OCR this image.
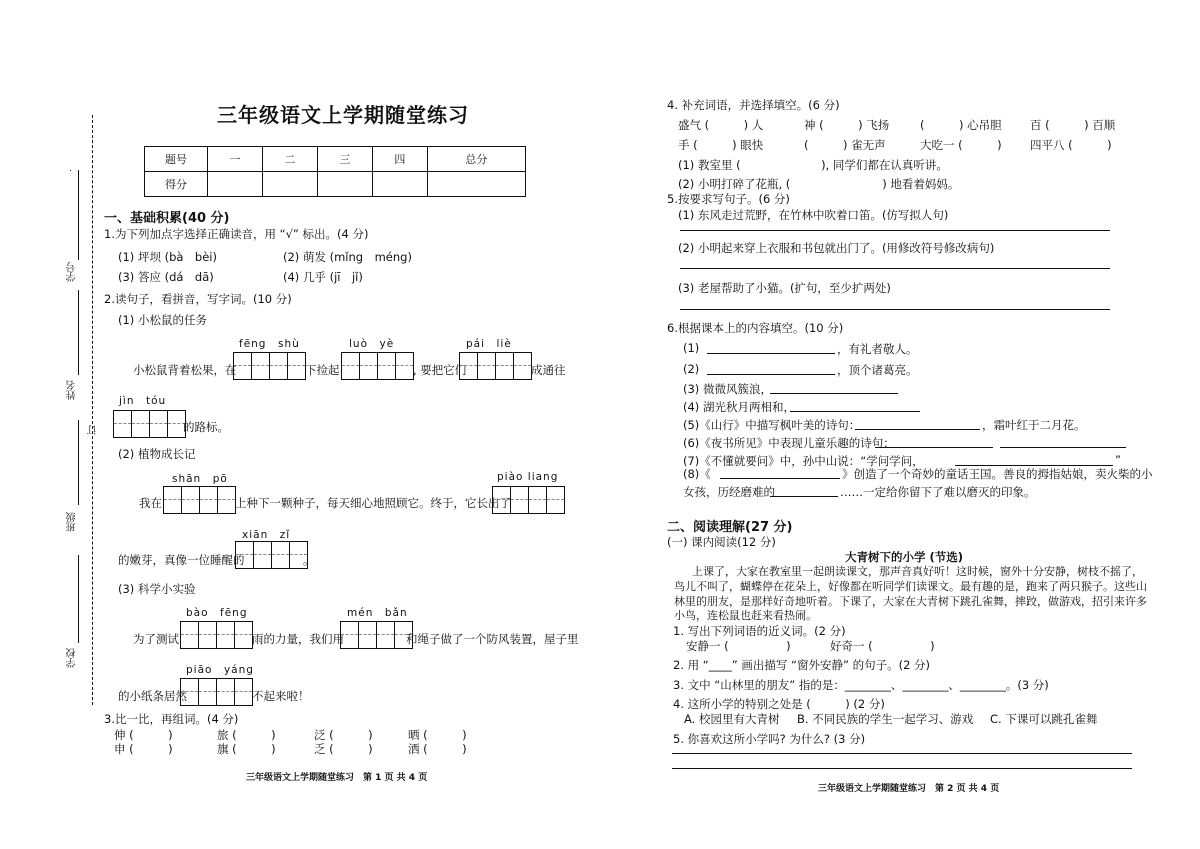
学号
姓名
订
班级
学校
三年级语文上学期随堂练习
题号	一	二	三	四	总分
得分					
一、基础积累(40 分)
1.为下列加点字选择正确读音，用 “√” 标出。(4 分)
(1) 坪坝 (bà　bèi)	(2) 萌发 (mǐng　méng)
(3) 答应 (dá　dā)	(4) 几乎 (jī　jǐ)
2.读句子，看拼音，写字词。(10 分)
(1) 小松鼠的任务
fēng　shù	luò　yè	pái　liè
小松鼠背着松果，在	下捡起	, 要把它们	成通往
jìn　tóu
的路标。
(2) 植物成长记
shān　pō	piào liang
我在	上种下一颗种子，每天细心地照顾它。终于，它长出了
xiān　zǐ
的嫩芽，真像一位睡醒的	。
(3) 科学小实验
bào　fēng	mén　bǎn
为了测试	雨的力量，我们用	和绳子做了一个防风装置，屋子里
piāo　yáng
的小纸条居然	不起来啦！
3.比一比，再组词。(4 分)
伸 (　　　)	旅 (　　　)	泛 (　　　)	晒 (　　　)
申 (　　　)	旗 (　　　)	乏 (　　　)	洒 (　　　)
三年级语文上学期随堂练习　第 1 页 共 4 页
4. 补充词语，并选择填空。(6 分)
盛气 (　　　) 人	神 (　　　) 飞扬	(　　　) 心吊胆 百 (　　　) 百顺
手 (　　　) 眼快	(　　　) 雀无声	大吃一 (　　　) 四平八 (　　　)
(1) 教室里 (　　　　　　　), 同学们都在认真听讲。
(2) 小明打碎了花瓶, (　　　　　　　　) 地看着妈妈。
5.按要求写句子。(6 分)
(1) 东风走过荒野，在竹林中吹着口笛。(仿写拟人句)
(2) 小明起来穿上衣服和书包就出门了。(用修改符号修改病句)
(3) 老屋帮助了小猫。(扩句，至少扩两处)
6.根据课本上的内容填空。(10 分)
(1)	，有礼者敬人。
(2)	，顶个诸葛亮。
(3) 微微风簇浪，
(4) 湖光秋月两相和，
(5)《山行》中描写枫叶美的诗句：	，霜叶红于二月花。
(6)《夜书所见》中表现儿童乐趣的诗句：
(7)《不懂就要问》中，孙中山说：“学问学问，	”
(8)《	》创造了一个奇妙的童话王国。善良的拇指姑娘，卖火柴的小
女孩，历经磨难的	……一定给你留下了难以磨灭的印象。
二、阅读理解(27 分)
(一) 课内阅读(12 分)
大青树下的小学 (节选)
上课了，大家在教室里一起朗读课文，那声音真好听！这时候，窗外十分安静，树枝不摇了，
鸟儿不叫了，蝴蝶停在花朵上，好像都在听同学们读课文。最有趣的是，跑来了两只猴子。这些山
林里的朋友，是那样好奇地听着。下课了，大家在大青树下跳孔雀舞，摔跤，做游戏，招引来许多
小鸟，连松鼠也赶来看热闹。
1. 写出下列词语的近义词。(2 分)
安静一 (　　　　　)	好奇一 (　　　　　)
2. 用 “____” 画出描写 “窗外安静” 的句子。(2 分)
3. 文中 “山林里的朋友” 指的是：________、________、________。(3 分)
4. 这所小学的特别之处是 (　　　) (2 分)
A. 校园里有大青树 B. 不同民族的学生一起学习、游戏 C. 下课可以跳孔雀舞
5. 你喜欢这所小学吗? 为什么? (3 分)
三年级语文上学期随堂练习　第 2 页 共 4 页
